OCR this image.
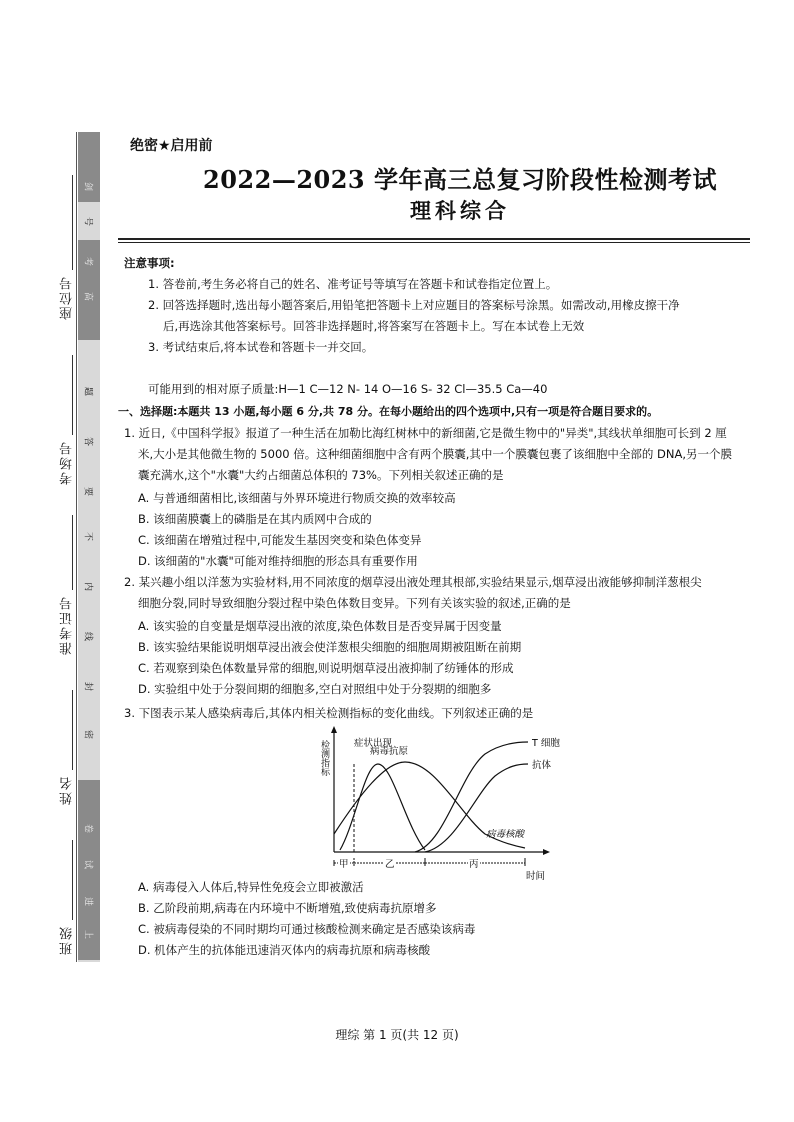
剑
号
考
高
题
答
要
不
内
线
封
密
卷
试
进
上
座位号
考场号
准考证号
姓名
班级
绝密★启用前
2022—2023 学年高三总复习阶段性检测考试
理科综合
注意事项:
1. 答卷前,考生务必将自己的姓名、准考证号等填写在答题卡和试卷指定位置上。
2. 回答选择题时,选出每小题答案后,用铅笔把答题卡上对应题目的答案标号涂黑。如需改动,用橡皮擦干净
后,再选涂其他答案标号。回答非选择题时,将答案写在答题卡上。写在本试卷上无效
3. 考试结束后,将本试卷和答题卡一并交回。
可能用到的相对原子质量:H—1 C—12 N- 14 O—16 S- 32 Cl—35.5 Ca—40
一、选择题:本题共 13 小题,每小题 6 分,共 78 分。在每小题给出的四个选项中,只有一项是符合题目要求的。
1. 近日,《中国科学报》报道了一种生活在加勒比海红树林中的新细菌,它是微生物中的"异类",其线状单细胞可长到 2 厘
米,大小是其他微生物的 5000 倍。这种细菌细胞中含有两个膜囊,其中一个膜囊包裹了该细胞中全部的 DNA,另一个膜
囊充满水,这个"水囊"大约占细菌总体积的 73%。下列相关叙述正确的是
A. 与普通细菌相比,该细菌与外界环境进行物质交换的效率较高
B. 该细菌膜囊上的磷脂是在其内质网中合成的
C. 该细菌在增殖过程中,可能发生基因突变和染色体变异
D. 该细菌的"水囊"可能对维持细胞的形态具有重要作用
2. 某兴趣小组以洋葱为实验材料,用不同浓度的烟草浸出液处理其根部,实验结果显示,烟草浸出液能够抑制洋葱根尖
细胞分裂,同时导致细胞分裂过程中染色体数目变异。下列有关该实验的叙述,正确的是
A. 该实验的自变量是烟草浸出液的浓度,染色体数目是否变异属于因变量
B. 该实验结果能说明烟草浸出液会使洋葱根尖细胞的细胞周期被阻断在前期
C. 若观察到染色体数量异常的细胞,则说明烟草浸出液抑制了纺锤体的形成
D. 实验组中处于分裂间期的细胞多,空白对照组中处于分裂期的细胞多
3. 下图表示某人感染病毒后,其体内相关检测指标的变化曲线。下列叙述正确的是
检测指标	症状出现
病毒抗原
T 细胞
抗体
病毒核酸
甲	乙	丙
时间
A. 病毒侵入人体后,特异性免疫会立即被激活
B. 乙阶段前期,病毒在内环境中不断增殖,致使病毒抗原增多
C. 被病毒侵染的不同时期均可通过核酸检测来确定是否感染该病毒
D. 机体产生的抗体能迅速消灭体内的病毒抗原和病毒核酸
理综 第 1 页(共 12 页)
